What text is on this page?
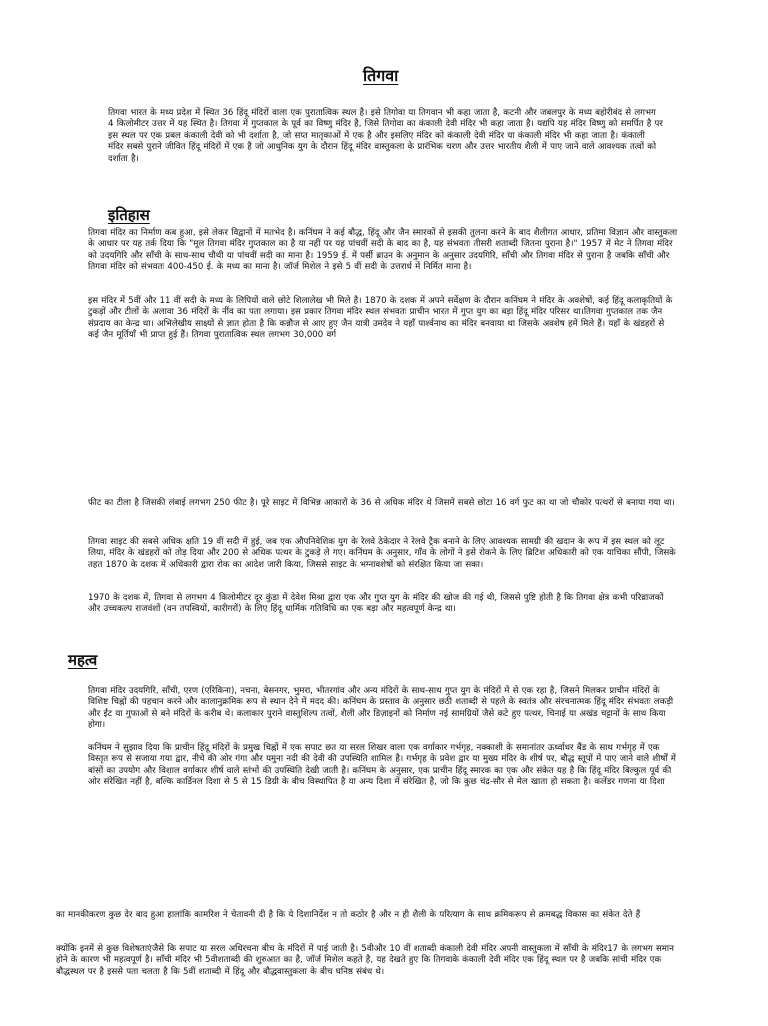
तिगवा

तिगवा भारत के मध्य प्रदेश में स्थित 36 हिंदू मंदिरों वाला एक पुरातात्विक स्थल है। इसे तिगोवा या तिगवान भी कहा जाता है, कटनी और जबलपुर के मध्य बहोरीबंद से लगभग 4 किलोमीटर उत्तर में यह स्थित है। तिगवा में गुप्तकाल के पूर्व का विष्णु मंदिर है, जिसे तिगोवा का कंकाली देवी मंदिर भी कहा जाता है। यद्यपि यह मंदिर विष्णु को समर्पित है पर इस स्थल पर एक प्रबल कंकाली देवी को भी दर्शाता है, जो सप्त मातृकाओं में एक है और इसलिए मंदिर को कंकाली देवी मंदिर या कंकाली मंदिर भी कहा जाता है। कंकाली मंदिर सबसे पुराने जीवित हिंदू मंदिरों में एक है जो आधुनिक युग के दौरान हिंदू मंदिर वास्तुकला के प्रारंभिक चरण और उत्तर भारतीय शैली में पाए जाने वाले आवश्यक तत्वों को दर्शाता है।

इतिहास

तिगवा मंदिर का निर्माण कब हुआ, इसे लेकर विद्वानों में मतभेद है। कनिंघम ने कई बौद्ध, हिंदू और जैन स्मारकों से इसकी तुलना करने के बाद शैलीगत आधार, प्रतिमा विज्ञान और वास्तुकला के आधार पर यह तर्क दिया कि "मूल तिगवा मंदिर गुप्तकाल का है या नहीं पर यह पांचवीं सदी के बाद का है, यह संभवतः तीसरी शताब्दी जितना पुराना है।" 1957 में मेट ने तिगवा मंदिर को उदयगिरि और साँची के साथ-साथ चौथी या पांचवीं सदी का माना है। 1959 ई. में पर्सी ब्राउन के अनुमान के अनुसार उदयगिरि, साँची और तिगवा मंदिर से पुराना है जबकि साँची और तिगवा मंदिर को संभवतः 400-450 ई. के मध्य का माना है। जॉर्ज मिशेल ने इसे 5 वीं सदी के उत्तरार्ध में निर्मित माना है।

इस मंदिर में 5वीं और 11 वीं सदी के मध्य के लिपियों वाले छोटे शिलालेख भी मिले है। 1870 के दशक में अपने सर्वेक्षण के दौरान कनिंघम ने मंदिर के अवशेषों, कई हिंदू कलाकृतियों के टुकड़ों और टीलों के अलावा 36 मंदिरों के नींव का पता लगाया। इस प्रकार तिगवा मंदिर स्थल संभवतः प्राचीन भारत में गुप्त युग का बड़ा हिंदू मंदिर परिसर था।तिगवा गुप्तकाल तक जैन संप्रदाय का केन्द्र था। अभिलेखीय साक्ष्यों से ज्ञात होता है कि कन्नौज से आए हुए जैन यात्री उमदेव ने यहाँ पार्श्वनाथ का मंदिर बनवाया था जिसके अवशेष हमें मिले हैं। यहाँ के खंडहरों से कई जैन मूर्तियाँ भी प्राप्त हुई हैं। तिगवा पुरातात्विक स्थल लगभग 30,000 वर्ग

फीट का टीला है जिसकी लंबाई लगभग 250 फीट है। पूरे साइट में विभिन्न आकारों के 36 से अधिक मंदिर थे जिसमें सबसे छोटा 16 वर्ग फुट का था जो चौकोर पत्थरों से बनाया गया था।

तिगवा साइट की सबसे अधिक क्षति 19 वीं सदी में हुई, जब एक औपनिवेशिक युग के रेलवे ठेकेदार ने रेलवे ट्रैक बनाने के लिए आवश्यक सामग्री की खदान के रूप में इस स्थल को लूट लिया, मंदिर के खंडहरों को तोड़ दिया और 200 से अधिक पत्थर के टुकड़े ले गए। कनिंघम के अनुसार, गाँव के लोगों ने इसे रोकने के लिए ब्रिटिश अधिकारी को एक याचिका सौंपी, जिसके तहत 1870 के दशक में अधिकारी द्वारा रोक का आदेश जारी किया, जिससे साइट के भग्नावशेषों को संरक्षित किया जा सका।

1970 के दशक में, तिगवा से लगभग 4 किलोमीटर दूर कुंडा में देवेश मिश्रा द्वारा एक और गुप्त युग के मंदिर की खोज की गई थी, जिससे पुष्टि होती है कि तिगवा क्षेत्र कभी परिव्राजकों और उच्चकल्प राजवंशों (वन तपस्वियों, कारीगरों) के लिए हिंदू धार्मिक गतिविधि का एक बड़ा और महत्वपूर्ण केन्द्र था।

महत्व

तिगवा मंदिर उदयगिरि, साँची, एरण (एरिकिना), नचना, बेसनगर, भुमरा, भीतरगांव और अन्य मंदिरों के साथ-साथ गुप्त युग के मंदिरों में से एक रहा है, जिसने मिलकर प्राचीन मंदिरों के विशिष्ट चिह्नों की पहचान करने और कालानुक्रमिक रूप से स्थान देने में मदद की। कनिंघम के प्रस्ताव के अनुसार छठी शताब्दी से पहले के स्वतंत्र और संरचनात्मक हिंदू मंदिर संभवतः लकड़ी और ईंट या गुफाओं से बने मंदिरों के करीब थे। कलाकार पुराने वास्तुशिल्प तत्वों, शैली और डिज़ाइनों को निर्माण नई सामग्रियों जैसे कटे हुए पत्थर, चिनाई या अखंड चट्टानों के साथ किया होगा।

कनिंघम ने सुझाव दिया कि प्राचीन हिंदू मंदिरों के प्रमुख चिह्नों में एक सपाट छत या सरल शिखर वाला एक वर्गाकार गर्भगृह, नक्काशी के समानांतर ऊर्ध्वाधर बैंड के साथ गर्भगृह में एक विस्तृत रूप से सजाया गया द्वार, नीचे की ओर गंगा और यमुना नदी की देवी की उपस्थिति शामिल है। गर्भगृह के प्रवेश द्वार या मुख्य मंदिर के शीर्ष पर, बौद्ध स्तूपों में पाए जाने वाले शीर्षों में बांसों का उपयोग और विशाल वर्गाकार शीर्ष वाले स्तंभों की उपस्थिति देखी जाती है। कनिंघम के अनुसार, एक प्राचीन हिंदू स्मारक का एक और संकेत यह है कि हिंदू मंदिर बिल्कुल पूर्व की ओर संरेखित नहीं है, बल्कि कार्डिनल दिशा से 5 से 15 डिग्री के बीच विस्थापित है या अन्य दिशा में संरेखित है, जो कि कुछ चंद्र-सौर से मेल खाता हो सकता है। कलेंडर गणना या दिशा

का मानकीकरण कुछ देर बाद हुआ हालांकि कामरिश ने चेतावनी दी है कि ये दिशानिर्देश न तो कठोर है और न ही शैली के परित्याग के साथ क्रमिकरूप से क्रमबद्ध विकास का संकेत देते हैं

क्योंकि इनमें से कुछ विशेषताएंजैसे कि सपाट या सरल अधिरचना बीच के मंदिरों में पाई जाती है। 5वीऔर 10 वीं शताब्दी कंकाली देवी मंदिर अपनी वास्तुकला में साँची के मंदिर17 के लगभग समान होने के कारण भी महत्वपूर्ण है। साँची मंदिर भी 5वीशताब्दी की शुरुआत का है, जॉर्ज मिशेल कहते है, यह देखते हुए कि तिगवाके कंकाली देवी मंदिर एक हिंदू स्थल पर है जबकि सांची मंदिर एक बौद्धस्थल पर है इससे पता चलता है कि 5वीं शताब्दी में हिंदू और बौद्धवास्तुकला के बीच घनिष्ठ संबंध थे।
